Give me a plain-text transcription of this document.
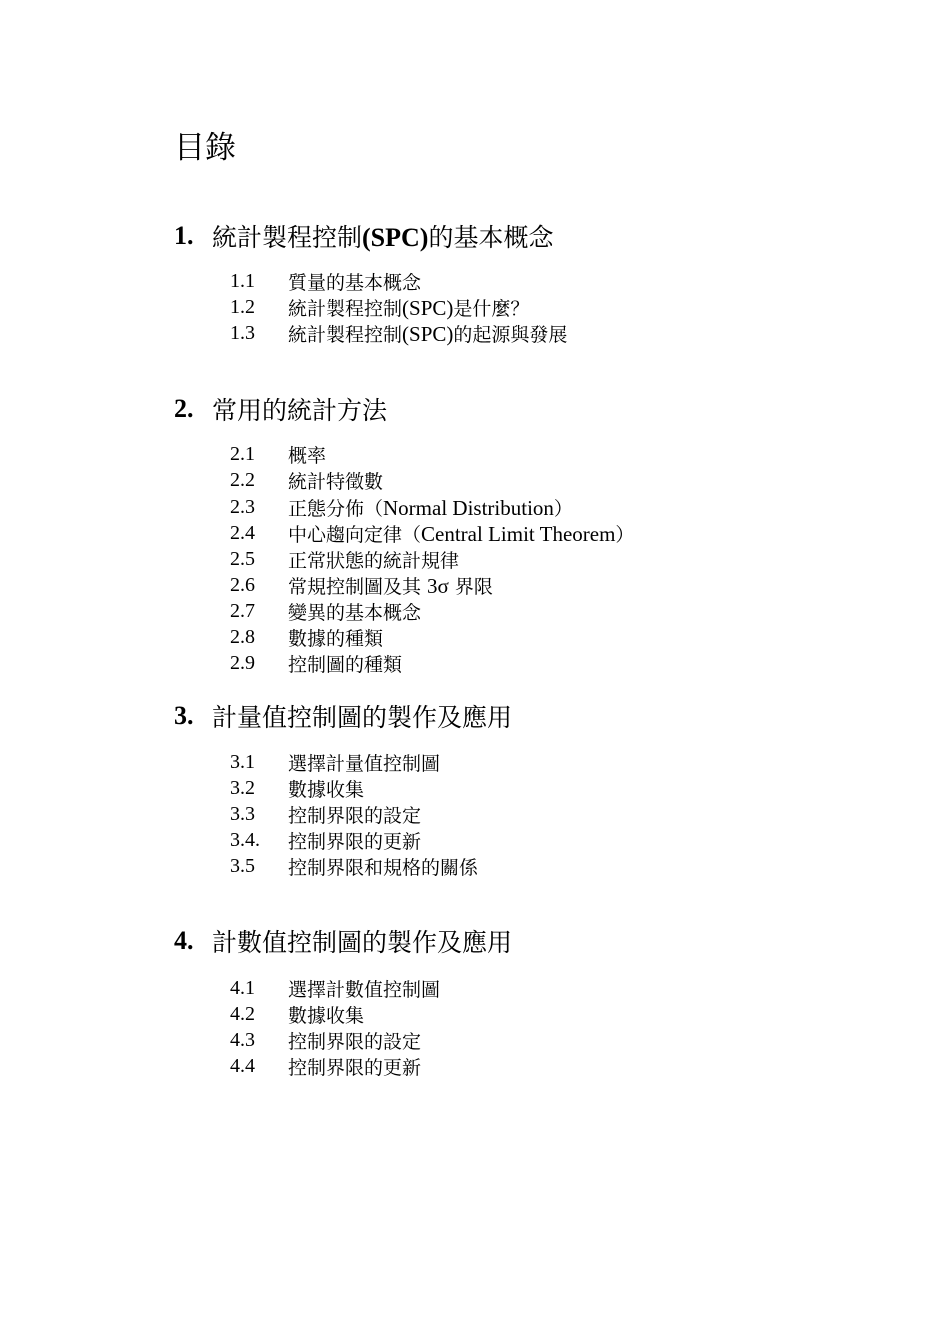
目錄
1. 統計製程控制(SPC)的基本概念
1.1	質量的基本概念
1.2	統計製程控制(SPC)是什麼？
1.3	統計製程控制(SPC)的起源與發展
2. 常用的統計方法
2.1	概率
2.2	統計特徵數
2.3	正態分佈（Normal Distribution）
2.4	中心趨向定律（Central Limit Theorem）
2.5	正常狀態的統計規律
2.6	常規控制圖及其 3σ 界限
2.7	變異的基本概念
2.8	數據的種類
2.9	控制圖的種類
3. 計量值控制圖的製作及應用
3.1	選擇計量值控制圖
3.2	數據收集
3.3	控制界限的設定
3.4.	控制界限的更新
3.5	控制界限和規格的關係
4. 計數值控制圖的製作及應用
4.1	選擇計數值控制圖
4.2	數據收集
4.3	控制界限的設定
4.4	控制界限的更新
